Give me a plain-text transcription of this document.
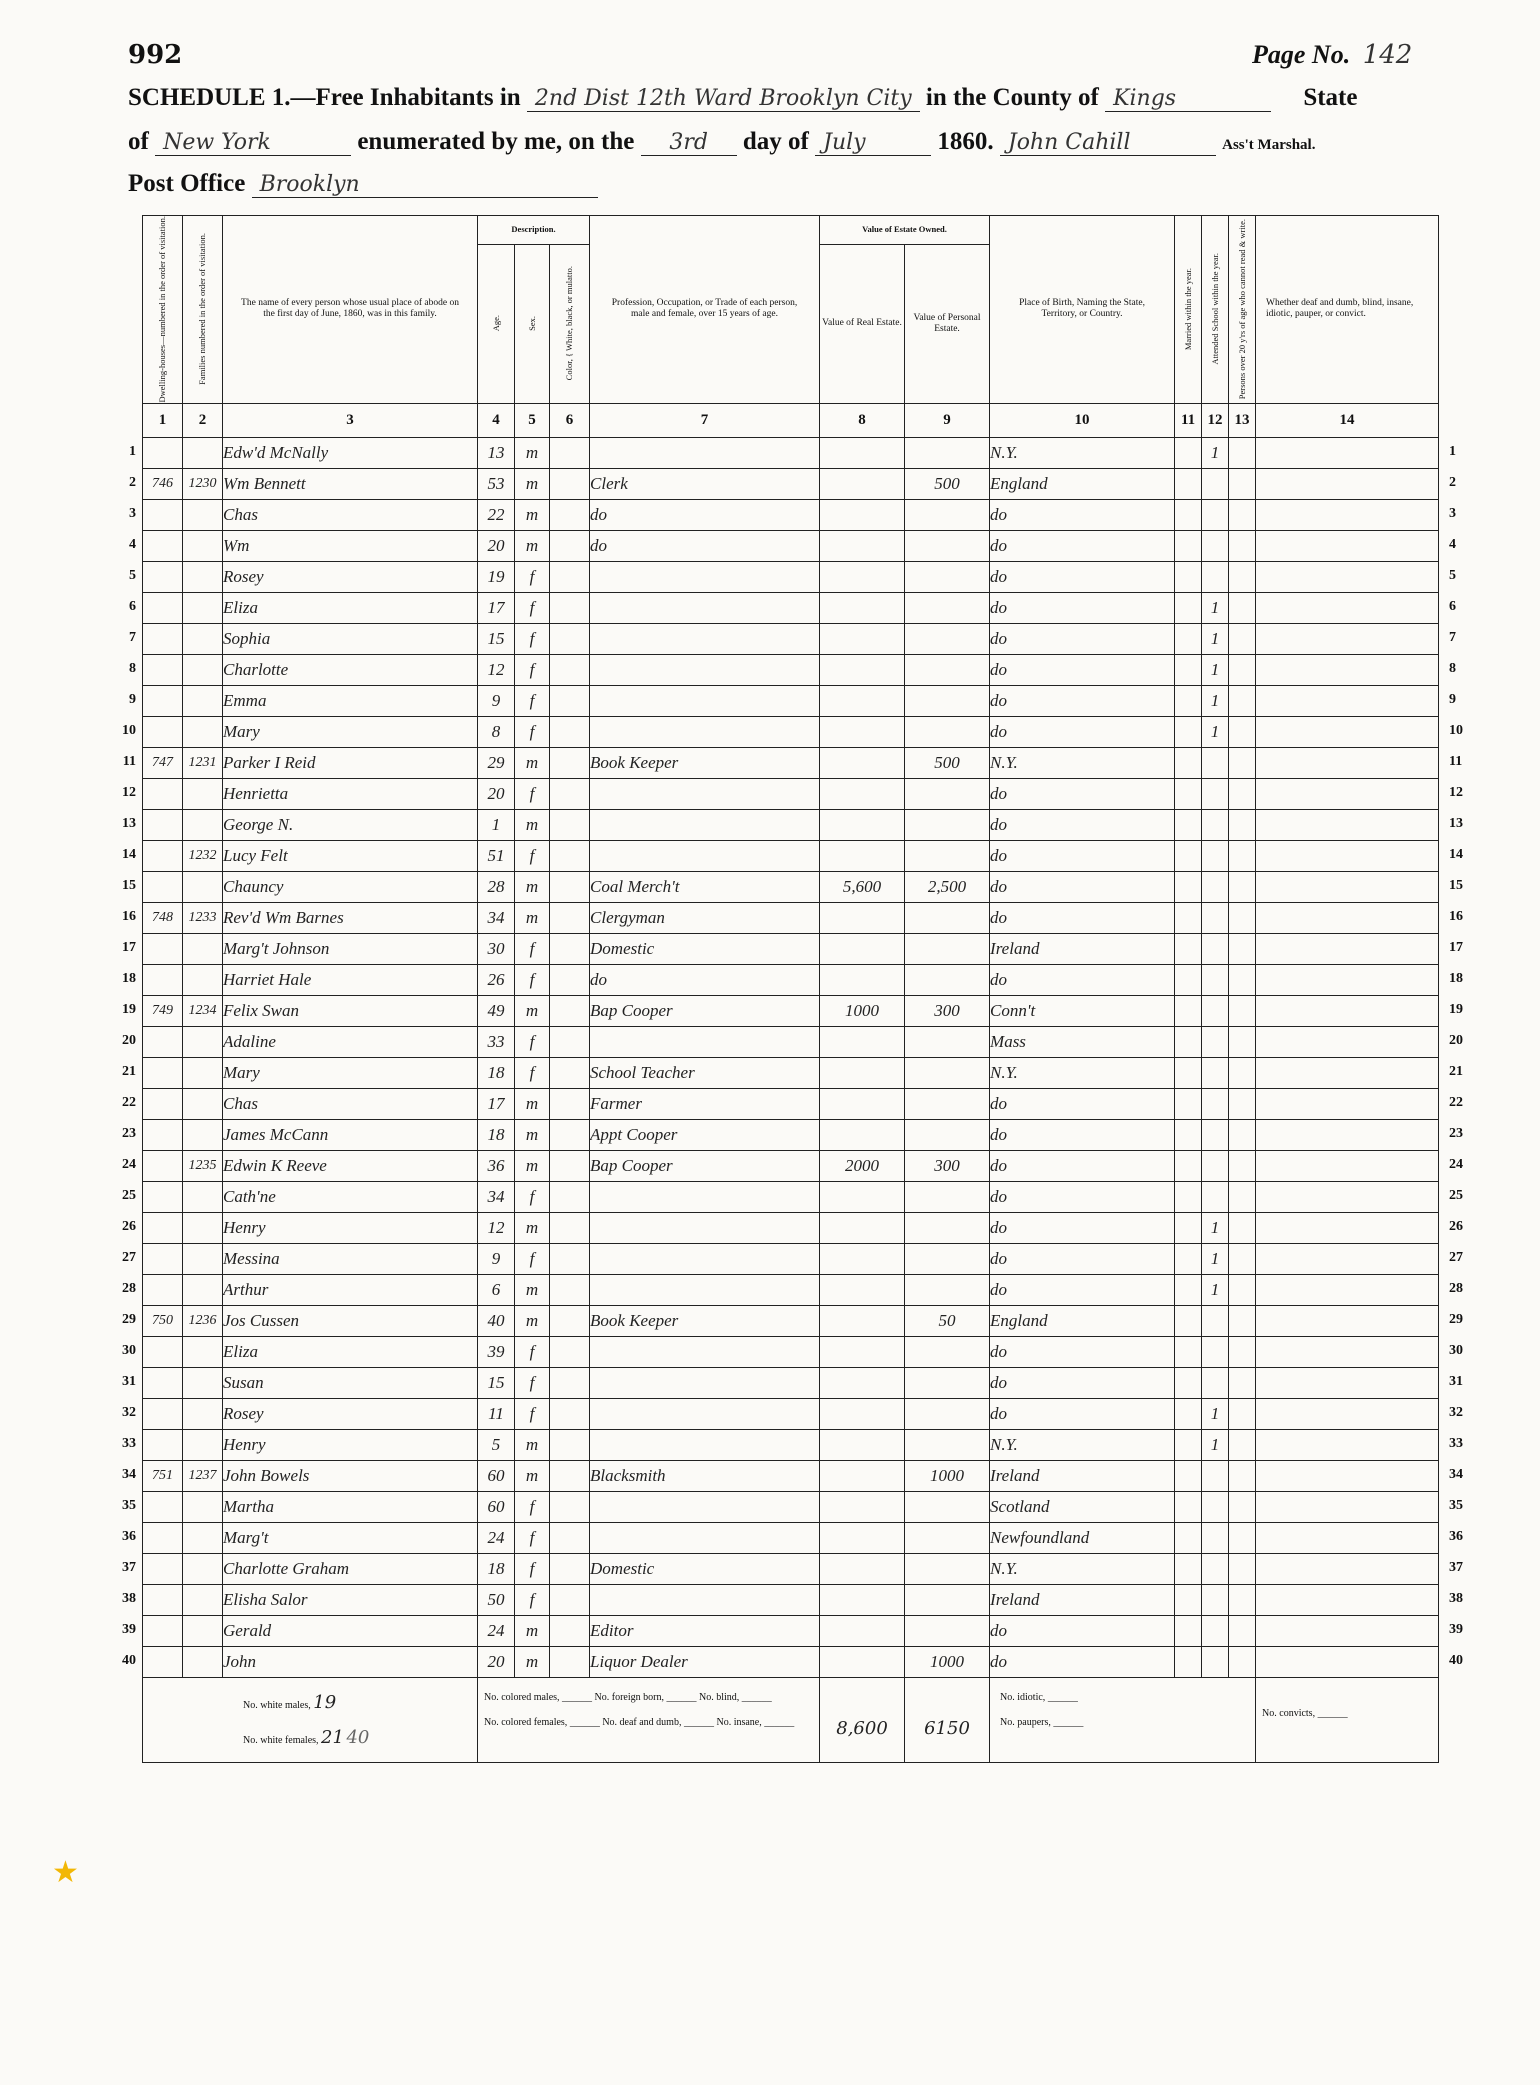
992	Page No. 142
SCHEDULE 1.—Free Inhabitants in 2nd Dist 12th Ward Brooklyn City in the County of Kings	State
of New York	enumerated by me, on the 3rd day of July	1860. John Cahill	Ass't Marshal.
Post Office Brooklyn
Dwelling-houses—numbered in the order of visitation.	Families numbered in the order of visitation.	The name of every person whose usual place of abode on the first day of June, 1860, was in this family.	Description.			Profession, Occupation, or Trade of each person, male and female, over 15 years of age.	Value of Estate Owned.		Place of Birth, Naming the State, Territory, or Country.	Married within the year.	Attended School within the year.	Persons over 20 y'rs of age who cannot read & write.	Whether deaf and dumb, blind, insane, idiotic, pauper, or convict.

			Age.	Sex.	Color, { White, black, or mulatto.		Value of Real Estate.	Value of Personal Estate.					
1	2	3	4	5	6	7	8	9	10	11	12	13	14
		Edw'd McNally	13	m					N.Y.		1		
746	1230	Wm Bennett	53	m		Clerk		500	England				
		Chas	22	m		do			do				
		Wm	20	m		do			do				
		Rosey	19	f					do				
		Eliza	17	f					do		1		
		Sophia	15	f					do		1		
		Charlotte	12	f					do		1		
		Emma	9	f					do		1		
		Mary	8	f					do		1		
747	1231	Parker I Reid	29	m		Book Keeper		500	N.Y.				
		Henrietta	20	f					do				
		George N.	1	m					do				
	1232	Lucy Felt	51	f					do				
		Chauncy	28	m		Coal Merch't	5,600	2,500	do				
748	1233	Rev'd Wm Barnes	34	m		Clergyman			do				
		Marg't Johnson	30	f		Domestic			Ireland				
		Harriet Hale	26	f		do			do				
749	1234	Felix Swan	49	m		Bap Cooper	1000	300	Conn't				
		Adaline	33	f					Mass				
		Mary	18	f		School Teacher			N.Y.				
		Chas	17	m		Farmer			do				
		James McCann	18	m		Appt Cooper			do				
	1235	Edwin K Reeve	36	m		Bap Cooper	2000	300	do				
		Cath'ne	34	f					do				
		Henry	12	m					do		1		
		Messina	9	f					do		1		
		Arthur	6	m					do		1		
750	1236	Jos Cussen	40	m		Book Keeper		50	England				
		Eliza	39	f					do				
		Susan	15	f					do				
		Rosey	11	f					do		1		
		Henry	5	m					N.Y.		1		
751	1237	John Bowels	60	m		Blacksmith		1000	Ireland				
		Martha	60	f					Scotland				
		Marg't	24	f					Newfoundland				
		Charlotte Graham	18	f		Domestic			N.Y.				
		Elisha Salor	50	f					Ireland				
		Gerald	24	m		Editor			do				
		John	20	m		Liquor Dealer		1000	do				

No. white males, 19
No. white females, 21 40			No. colored males, ______ No. foreign born, ______ No. blind, ______
No. colored females, ______ No. deaf and dumb, ______ No. insane, ______				8,600	6150	No. idiotic, ______
No. paupers, ______				No. convicts, ______
1
2
3
4
5
6
7
8
9
10
11
12
13
14
15
16
17
18
19
20
21
22
23
24
25
26
27
28
29
30
31
32
33
34
35
36
37
38
39
40
1
2
3
4
5
6
7
8
9
10
11
12
13
14
15
16
17
18
19
20
21
22
23
24
25
26
27
28
29
30
31
32
33
34
35
36
37
38
39
40
★
